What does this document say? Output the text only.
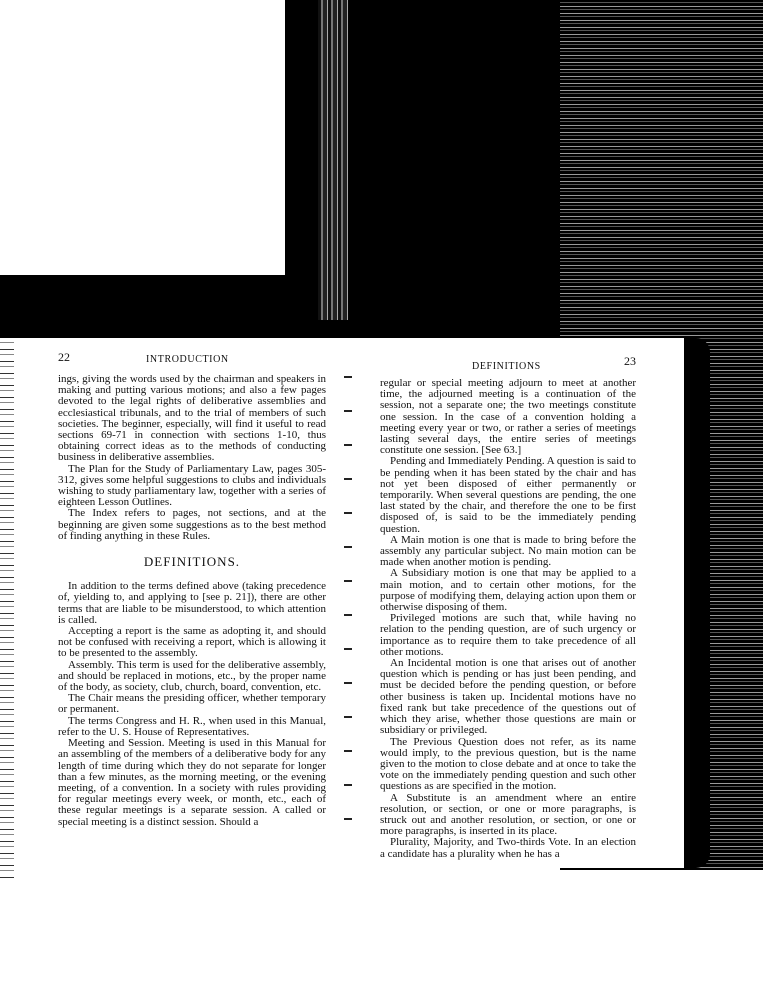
22	INTRODUCTION

ings, giving the words used by the chairman and speakers in making and putting various motions; and also a few pages devoted to the legal rights of deliberative assemblies and ecclesiastical tribunals, and to the trial of members of such societies. The beginner, especially, will find it useful to read sections 69-71 in connection with sections 1-10, thus obtaining correct ideas as to the methods of conducting business in deliberative assemblies.

The Plan for the Study of Parliamentary Law, pages 305-312, gives some helpful suggestions to clubs and individuals wishing to study parliamentary law, together with a series of eighteen Lesson Outlines.

The Index refers to pages, not sections, and at the beginning are given some suggestions as to the best method of finding anything in these Rules.

DEFINITIONS.

In addition to the terms defined above (taking precedence of, yielding to, and applying to [see p. 21]), there are other terms that are liable to be misunderstood, to which attention is called.

Accepting a report is the same as adopting it, and should not be confused with receiving a report, which is allowing it to be presented to the assembly.

Assembly. This term is used for the deliberative assembly, and should be replaced in motions, etc., by the proper name of the body, as society, club, church, board, convention, etc.

The Chair means the presiding officer, whether temporary or permanent.

The terms Congress and H. R., when used in this Manual, refer to the U. S. House of Representatives.

Meeting and Session. Meeting is used in this Manual for an assembling of the members of a deliberative body for any length of time during which they do not separate for longer than a few minutes, as the morning meeting, or the evening meeting, of a convention. In a society with rules providing for regular meetings every week, or month, etc., each of these regular meetings is a separate session. A called or special meeting is a distinct session. Should a

DEFINITIONS	23

regular or special meeting adjourn to meet at another time, the adjourned meeting is a continuation of the session, not a separate one; the two meetings constitute one session. In the case of a convention holding a meeting every year or two, or rather a series of meetings lasting several days, the entire series of meetings constitute one session. [See 63.]

Pending and Immediately Pending. A question is said to be pending when it has been stated by the chair and has not yet been disposed of either permanently or temporarily. When several questions are pending, the one last stated by the chair, and therefore the one to be first disposed of, is said to be the immediately pending question.

A Main motion is one that is made to bring before the assembly any particular subject. No main motion can be made when another motion is pending.

A Subsidiary motion is one that may be applied to a main motion, and to certain other motions, for the purpose of modifying them, delaying action upon them or otherwise disposing of them.

Privileged motions are such that, while having no relation to the pending question, are of such urgency or importance as to require them to take precedence of all other motions.

An Incidental motion is one that arises out of another question which is pending or has just been pending, and must be decided before the pending question, or before other business is taken up. Incidental motions have no fixed rank but take precedence of the questions out of which they arise, whether those questions are main or subsidiary or privileged.

The Previous Question does not refer, as its name would imply, to the previous question, but is the name given to the motion to close debate and at once to take the vote on the immediately pending question and such other questions as are specified in the motion.

A Substitute is an amendment where an entire resolution, or section, or one or more paragraphs, is struck out and another resolution, or section, or one or more paragraphs, is inserted in its place.

Plurality, Majority, and Two-thirds Vote. In an election a candidate has a plurality when he has a
